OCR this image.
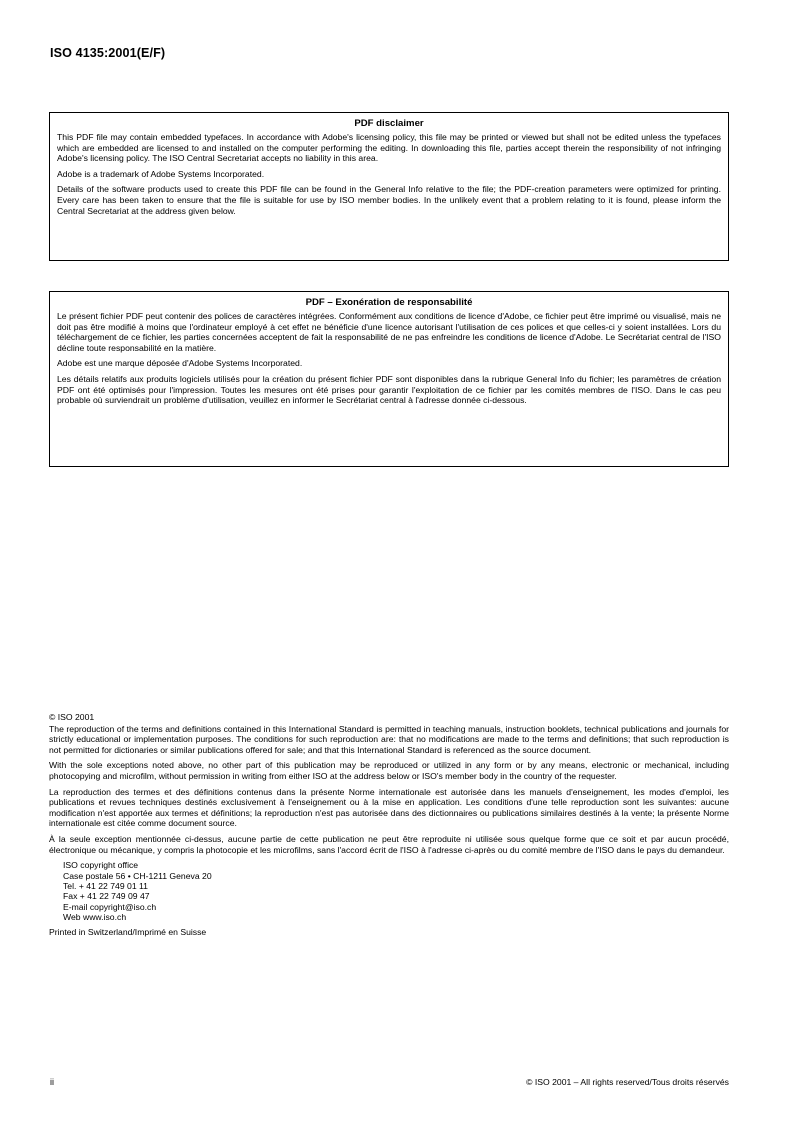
ISO 4135:2001(E/F)
PDF disclaimer

This PDF file may contain embedded typefaces. In accordance with Adobe's licensing policy, this file may be printed or viewed but shall not be edited unless the typefaces which are embedded are licensed to and installed on the computer performing the editing. In downloading this file, parties accept therein the responsibility of not infringing Adobe's licensing policy. The ISO Central Secretariat accepts no liability in this area.

Adobe is a trademark of Adobe Systems Incorporated.

Details of the software products used to create this PDF file can be found in the General Info relative to the file; the PDF-creation parameters were optimized for printing. Every care has been taken to ensure that the file is suitable for use by ISO member bodies. In the unlikely event that a problem relating to it is found, please inform the Central Secretariat at the address given below.

PDF – Exonération de responsabilité

Le présent fichier PDF peut contenir des polices de caractères intégrées. Conformément aux conditions de licence d'Adobe, ce fichier peut être imprimé ou visualisé, mais ne doit pas être modifié à moins que l'ordinateur employé à cet effet ne bénéficie d'une licence autorisant l'utilisation de ces polices et que celles-ci y soient installées. Lors du téléchargement de ce fichier, les parties concernées acceptent de fait la responsabilité de ne pas enfreindre les conditions de licence d'Adobe. Le Secrétariat central de l'ISO décline toute responsabilité en la matière.

Adobe est une marque déposée d'Adobe Systems Incorporated.

Les détails relatifs aux produits logiciels utilisés pour la création du présent fichier PDF sont disponibles dans la rubrique General Info du fichier; les paramètres de création PDF ont été optimisés pour l'impression. Toutes les mesures ont été prises pour garantir l'exploitation de ce fichier par les comités membres de l'ISO. Dans le cas peu probable où surviendrait un problème d'utilisation, veuillez en informer le Secrétariat central à l'adresse donnée ci-dessous.

© ISO 2001

The reproduction of the terms and definitions contained in this International Standard is permitted in teaching manuals, instruction booklets, technical publications and journals for strictly educational or implementation purposes. The conditions for such reproduction are: that no modifications are made to the terms and definitions; that such reproduction is not permitted for dictionaries or similar publications offered for sale; and that this International Standard is referenced as the source document.

With the sole exceptions noted above, no other part of this publication may be reproduced or utilized in any form or by any means, electronic or mechanical, including photocopying and microfilm, without permission in writing from either ISO at the address below or ISO's member body in the country of the requester.

La reproduction des termes et des définitions contenus dans la présente Norme internationale est autorisée dans les manuels d'enseignement, les modes d'emploi, les publications et revues techniques destinés exclusivement à l'enseignement ou à la mise en application. Les conditions d'une telle reproduction sont les suivantes: aucune modification n'est apportée aux termes et définitions; la reproduction n'est pas autorisée dans des dictionnaires ou publications similaires destinés à la vente; la présente Norme internationale est citée comme document source.

À la seule exception mentionnée ci-dessus, aucune partie de cette publication ne peut être reproduite ni utilisée sous quelque forme que ce soit et par aucun procédé, électronique ou mécanique, y compris la photocopie et les microfilms, sans l'accord écrit de l'ISO à l'adresse ci-après ou du comité membre de l'ISO dans le pays du demandeur.

ISO copyright office
Case postale 56 • CH-1211 Geneva 20
Tel. + 41 22 749 01 11
Fax + 41 22 749 09 47
E-mail copyright@iso.ch
Web www.iso.ch

Printed in Switzerland/Imprimé en Suisse

ii	© ISO 2001 – All rights reserved/Tous droits réservés
